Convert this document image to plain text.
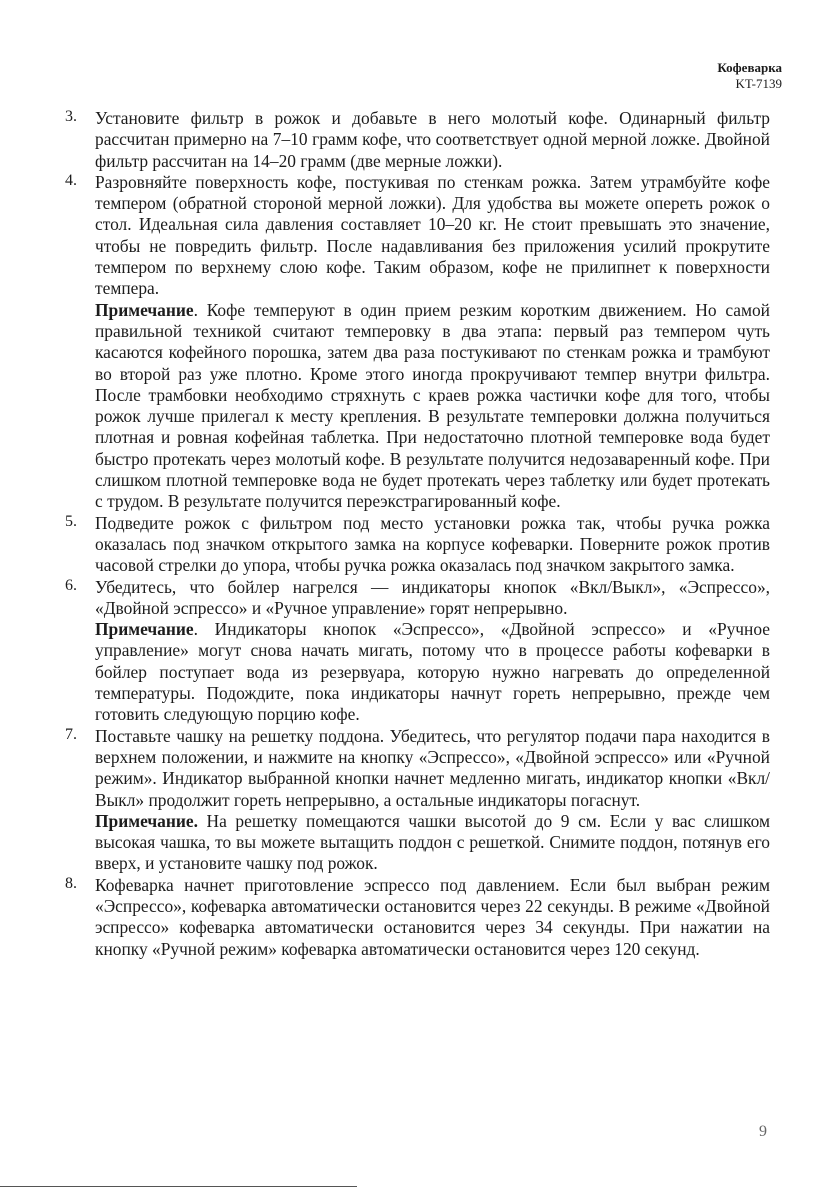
Кофеварка
KT-7139
3.	Установите фильтр в рожок и добавьте в него молотый кофе. Одинарный фильтр рассчитан примерно на 7–10 грамм кофе, что соответствует одной мерной ложке. Двойной фильтр рассчитан на 14–20 грамм (две мерные ложки).

4.	Разровняйте поверхность кофе, постукивая по стенкам рожка. Затем утрамбуйте кофе темпером (обратной стороной мерной ложки). Для удобства вы можете опереть рожок о стол. Идеальная сила давления составляет 10–20 кг. Не стоит превышать это значение, чтобы не повредить фильтр. После надавливания без приложения усилий прокрутите темпером по верхнему слою кофе. Таким образом, кофе не прилипнет к поверхности темпера.

Примечание. Кофе темперуют в один прием резким коротким движением. Но самой правильной техникой считают темперовку в два этапа: первый раз темпером чуть касаются кофейного порошка, затем два раза постукивают по стенкам рожка и трамбуют во второй раз уже плотно. Кроме этого иногда прокручивают темпер внутри фильтра. После трамбовки необходимо стряхнуть с краев рожка частички кофе для того, чтобы рожок лучше прилегал к месту крепления. В результате темперовки должна получиться плотная и ровная кофейная таблетка. При недостаточно плотной темперовке вода будет быстро протекать через молотый кофе. В результате получится недозаваренный кофе. При слишком плотной темперовке вода не будет протекать через таблетку или будет протекать с трудом. В результате получится переэкстрагированный кофе.

5.	Подведите рожок с фильтром под место установки рожка так, чтобы ручка рожка оказалась под значком открытого замка на корпусе кофеварки. Поверните рожок против часовой стрелки до упора, чтобы ручка рожка оказалась под значком закрытого замка.

6.	Убедитесь, что бойлер нагрелся — индикаторы кнопок «Вкл/Выкл», «Эспрессо», «Двойной эспрессо» и «Ручное управление» горят непрерывно.

Примечание. Индикаторы кнопок «Эспрессо», «Двойной эспрессо» и «Ручное управление» могут снова начать мигать, потому что в процессе работы кофеварки в бойлер поступает вода из резервуара, которую нужно нагревать до определенной температуры. Подождите, пока индикаторы начнут гореть непрерывно, прежде чем готовить следующую порцию кофе.

7.	Поставьте чашку на решетку поддона. Убедитесь, что регулятор подачи пара находится в верхнем положении, и нажмите на кнопку «Эспрессо», «Двойной эспрессо» или «Ручной режим». Индикатор выбранной кнопки начнет медленно мигать, индикатор кнопки «Вкл/Выкл» продолжит гореть непрерывно, а остальные индикаторы погаснут.

Примечание. На решетку помещаются чашки высотой до 9 см. Если у вас слишком высокая чашка, то вы можете вытащить поддон с решеткой. Снимите поддон, потянув его вверх, и установите чашку под рожок.

8.	Кофеварка начнет приготовление эспрессо под давлением. Если был выбран режим «Эспрессо», кофеварка автоматически остановится через 22 секунды. В режиме «Двойной эспрессо» кофеварка автоматически остановится через 34 секунды. При нажатии на кнопку «Ручной режим» кофеварка автоматически остановится через 120 секунд.

9
